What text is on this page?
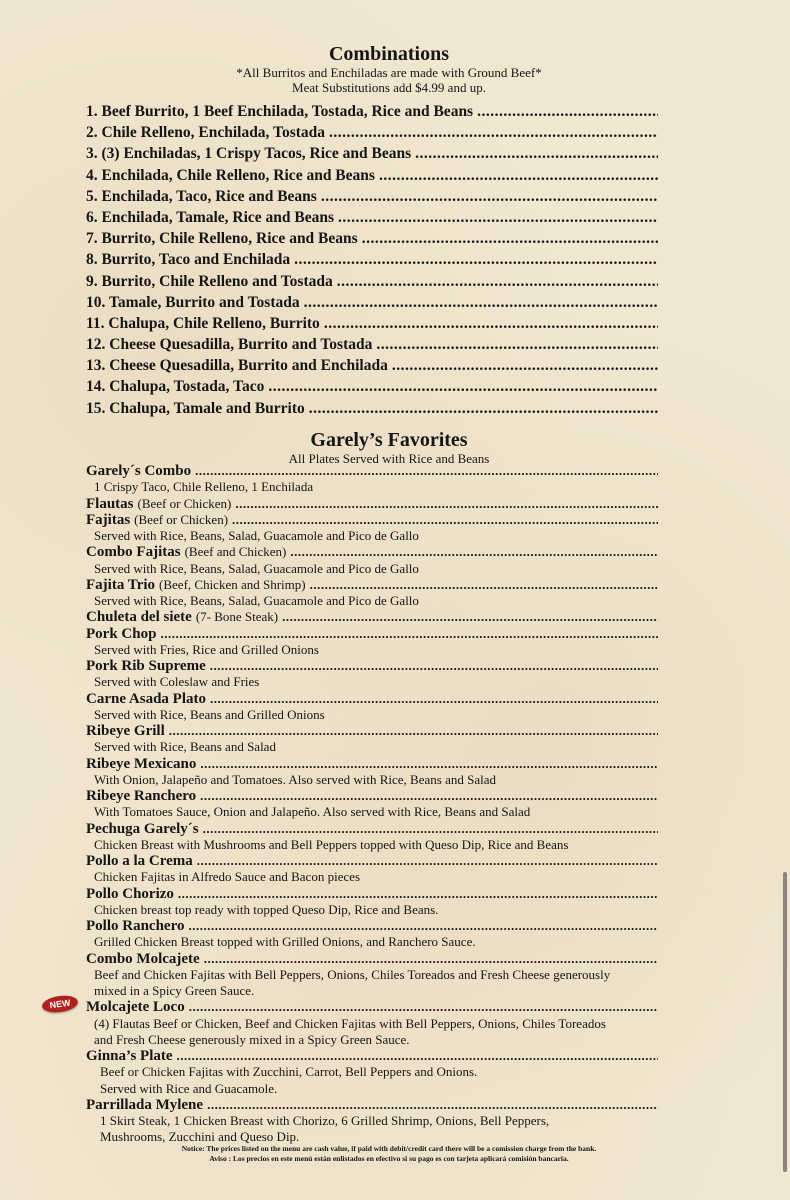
Combinations
*All Burritos and Enchiladas are made with Ground Beef*
Meat Substitutions add $4.99 and up.
1. Beef Burrito, 1 Beef Enchilada, Tostada, Rice and Beans
.....
2. Chile Relleno, Enchilada, Tostada
.....
3. (3) Enchiladas, 1 Crispy Tacos, Rice and Beans
.....
4. Enchilada, Chile Relleno, Rice and Beans
.....
5. Enchilada, Taco, Rice and Beans
.....
6. Enchilada, Tamale, Rice and Beans
.....
7. Burrito, Chile Relleno, Rice and Beans
.....
8. Burrito, Taco and Enchilada
.....
9. Burrito, Chile Relleno and Tostada
.....
10. Tamale, Burrito and Tostada
.....
11. Chalupa, Chile Relleno, Burrito
.....
12. Cheese Quesadilla, Burrito and Tostada
.....
13. Cheese Quesadilla, Burrito and Enchilada
.....
14. Chalupa, Tostada, Taco
.....
15. Chalupa, Tamale and Burrito
.....
Garely’s Favorites
All Plates Served with Rice and Beans
Garely´s Combo
.....
1 Crispy Taco, Chile Relleno, 1 Enchilada
Flautas (Beef or Chicken)
.....
Fajitas (Beef or Chicken)
.....
Served with Rice, Beans, Salad, Guacamole and Pico de Gallo
Combo Fajitas (Beef and Chicken)
.....
Served with Rice, Beans, Salad, Guacamole and Pico de Gallo
Fajita Trio (Beef, Chicken and Shrimp)
.....
Served with Rice, Beans, Salad, Guacamole and Pico de Gallo
Chuleta del siete (7- Bone Steak)
.....
Pork Chop
.....
Served with Fries, Rice and Grilled Onions
Pork Rib Supreme
.....
Served with Coleslaw and Fries
Carne Asada Plato
.....
Served with Rice, Beans and Grilled Onions
Ribeye Grill
.....
Served with Rice, Beans and Salad
Ribeye Mexicano
.....
With Onion, Jalapeño and Tomatoes. Also served with Rice, Beans and Salad
Ribeye Ranchero
.....
With Tomatoes Sauce, Onion and Jalapeño. Also served with Rice, Beans and Salad
Pechuga Garely´s
.....
Chicken Breast with Mushrooms and Bell Peppers topped with Queso Dip, Rice and Beans
Pollo a la Crema
.....
Chicken Fajitas in Alfredo Sauce and Bacon pieces
Pollo Chorizo
.....
Chicken breast top ready with topped Queso Dip, Rice and Beans.
Pollo Ranchero
.....
Grilled Chicken Breast topped with Grilled Onions, and Ranchero Sauce.
Combo Molcajete
.....
Beef and Chicken Fajitas with Bell Peppers, Onions, Chiles Toreados and Fresh Cheese generously
mixed in a Spicy Green Sauce.
Molcajete Loco
.....
(4) Flautas Beef or Chicken, Beef and Chicken Fajitas with Bell Peppers, Onions, Chiles Toreados
and Fresh Cheese generously mixed in a Spicy Green Sauce.
Ginna’s Plate
.....
Beef or Chicken Fajitas with Zucchini, Carrot, Bell Peppers and Onions.
Served with Rice and Guacamole.
Parrillada Mylene
.....
1 Skirt Steak, 1 Chicken Breast with Chorizo, 6 Grilled Shrimp, Onions, Bell Peppers,
Mushrooms, Zucchini and Queso Dip.
NEW
Notice: The prices listed on the menu are cash value, if paid with debit/credit card there will be a comission charge from the bank.
Aviso : Los precios en este menú están enlistados en efectivo si su pago es con tarjeta aplicará comisión bancaria.
